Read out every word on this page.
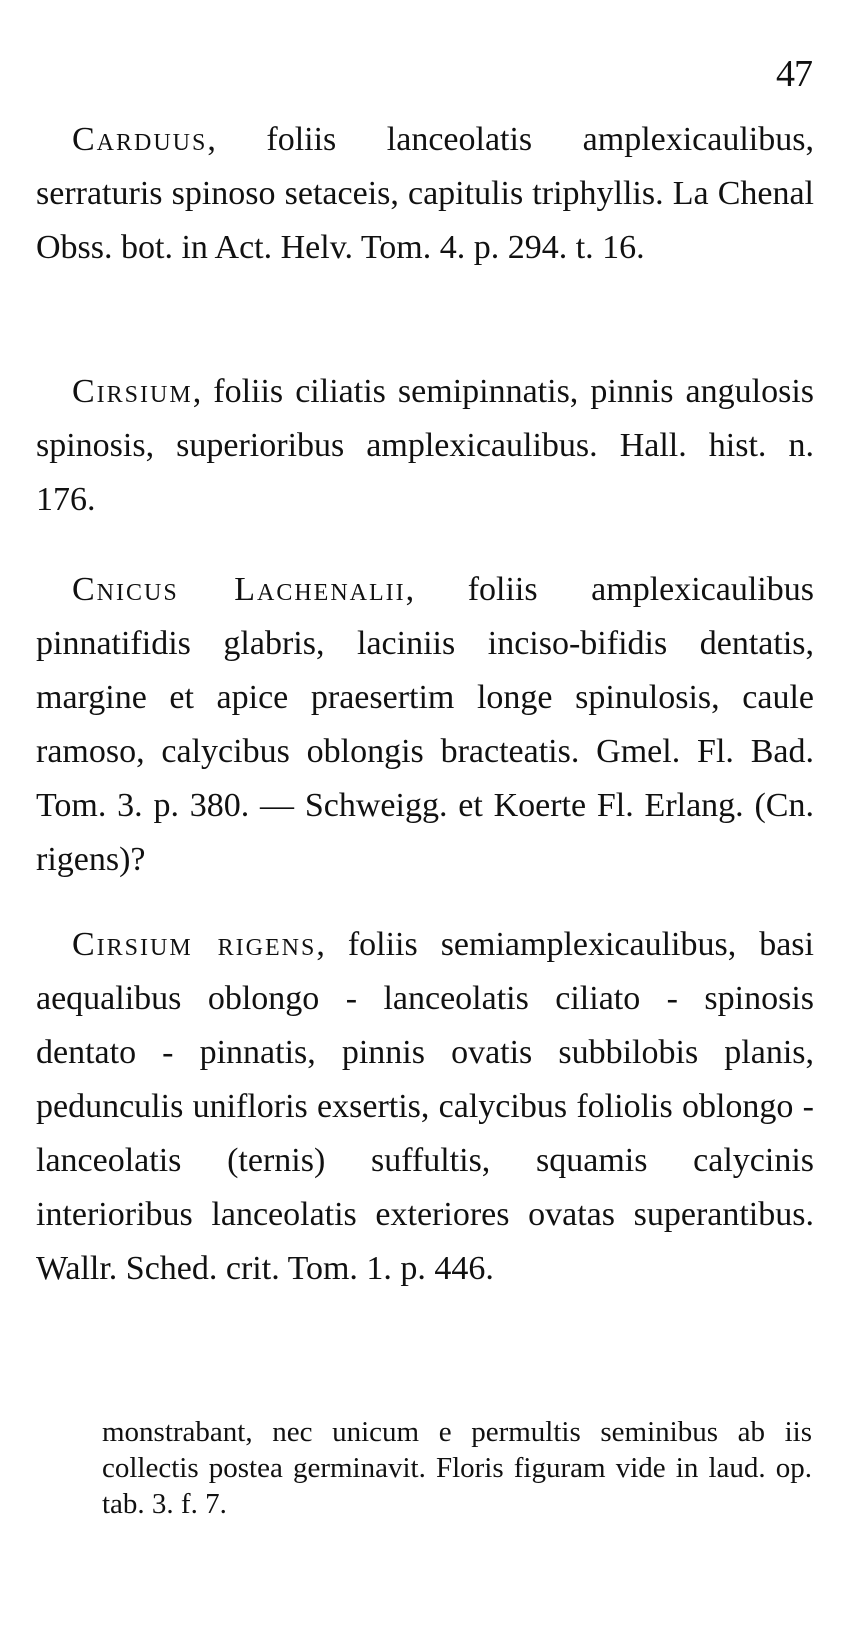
47

Carduus, foliis lanceolatis amplexicaulibus, serraturis spinoso setaceis, capitulis triphyllis. La Chenal Obss. bot. in Act. Helv. Tom. 4. p. 294. t. 16.

Cirsium, foliis ciliatis semipinnatis, pinnis angulosis spinosis, superioribus amplexicaulibus. Hall. hist. n. 176.

Cnicus Lachenalii, foliis amplexicaulibus pinnatifidis glabris, laciniis inciso-bifidis dentatis, margine et apice praesertim longe spinulosis, caule ramoso, calycibus oblongis bracteatis. Gmel. Fl. Bad. Tom. 3. p. 380. — Schweigg. et Koerte Fl. Erlang. (Cn. rigens)?

Cirsium rigens, foliis semiamplexicaulibus, basi aequalibus oblongo - lanceolatis ciliato - spinosis dentato - pinnatis, pinnis ovatis subbilobis planis, pedunculis unifloris exsertis, calycibus foliolis oblongo - lanceolatis (ternis) suffultis, squamis calycinis interioribus lanceolatis exteriores ovatas superantibus. Wallr. Sched. crit. Tom. 1. p. 446.

monstrabant, nec unicum e permultis seminibus ab iis collectis postea germinavit. Floris figuram vide in laud. op. tab. 3. f. 7.
